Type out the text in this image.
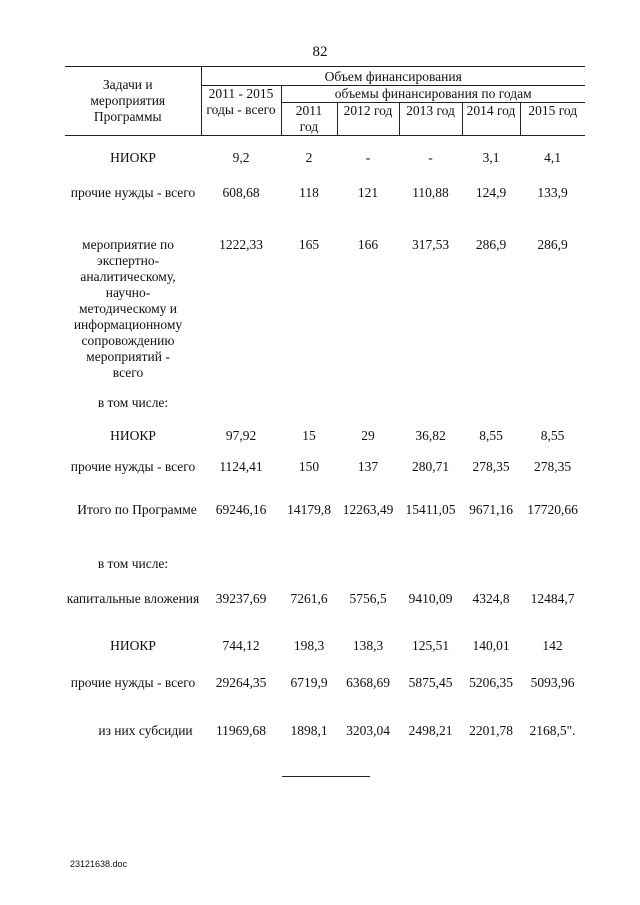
82
Задачи и мероприятия Программы	Объем финансирования					
	2011 - 2015 годы - всего	объемы финансирования по годам				
		2011 год	2012 год	2013 год	2014 год	2015 год
НИОКР	9,2	2	-	-	3,1	4,1
прочие нужды - всего	608,68	118	121	110,88	124,9	133,9
мероприятие по экспертно-аналитическому, научно-методическому и информационному сопровождению мероприятий - всего	1222,33	165	166	317,53	286,9	286,9
в том числе:						
НИОКР	97,92	15	29	36,82	8,55	8,55
прочие нужды - всего	1124,41	150	137	280,71	278,35	278,35
Итого по Программе	69246,16	14179,8	12263,49	15411,05	9671,16	17720,66
в том числе:						
капитальные вложения	39237,69	7261,6	5756,5	9410,09	4324,8	12484,7
НИОКР	744,12	198,3	138,3	125,51	140,01	142
прочие нужды - всего	29264,35	6719,9	6368,69	5875,45	5206,35	5093,96
из них субсидии	11969,68	1898,1	3203,04	2498,21	2201,78	2168,5".
23121638.doc
